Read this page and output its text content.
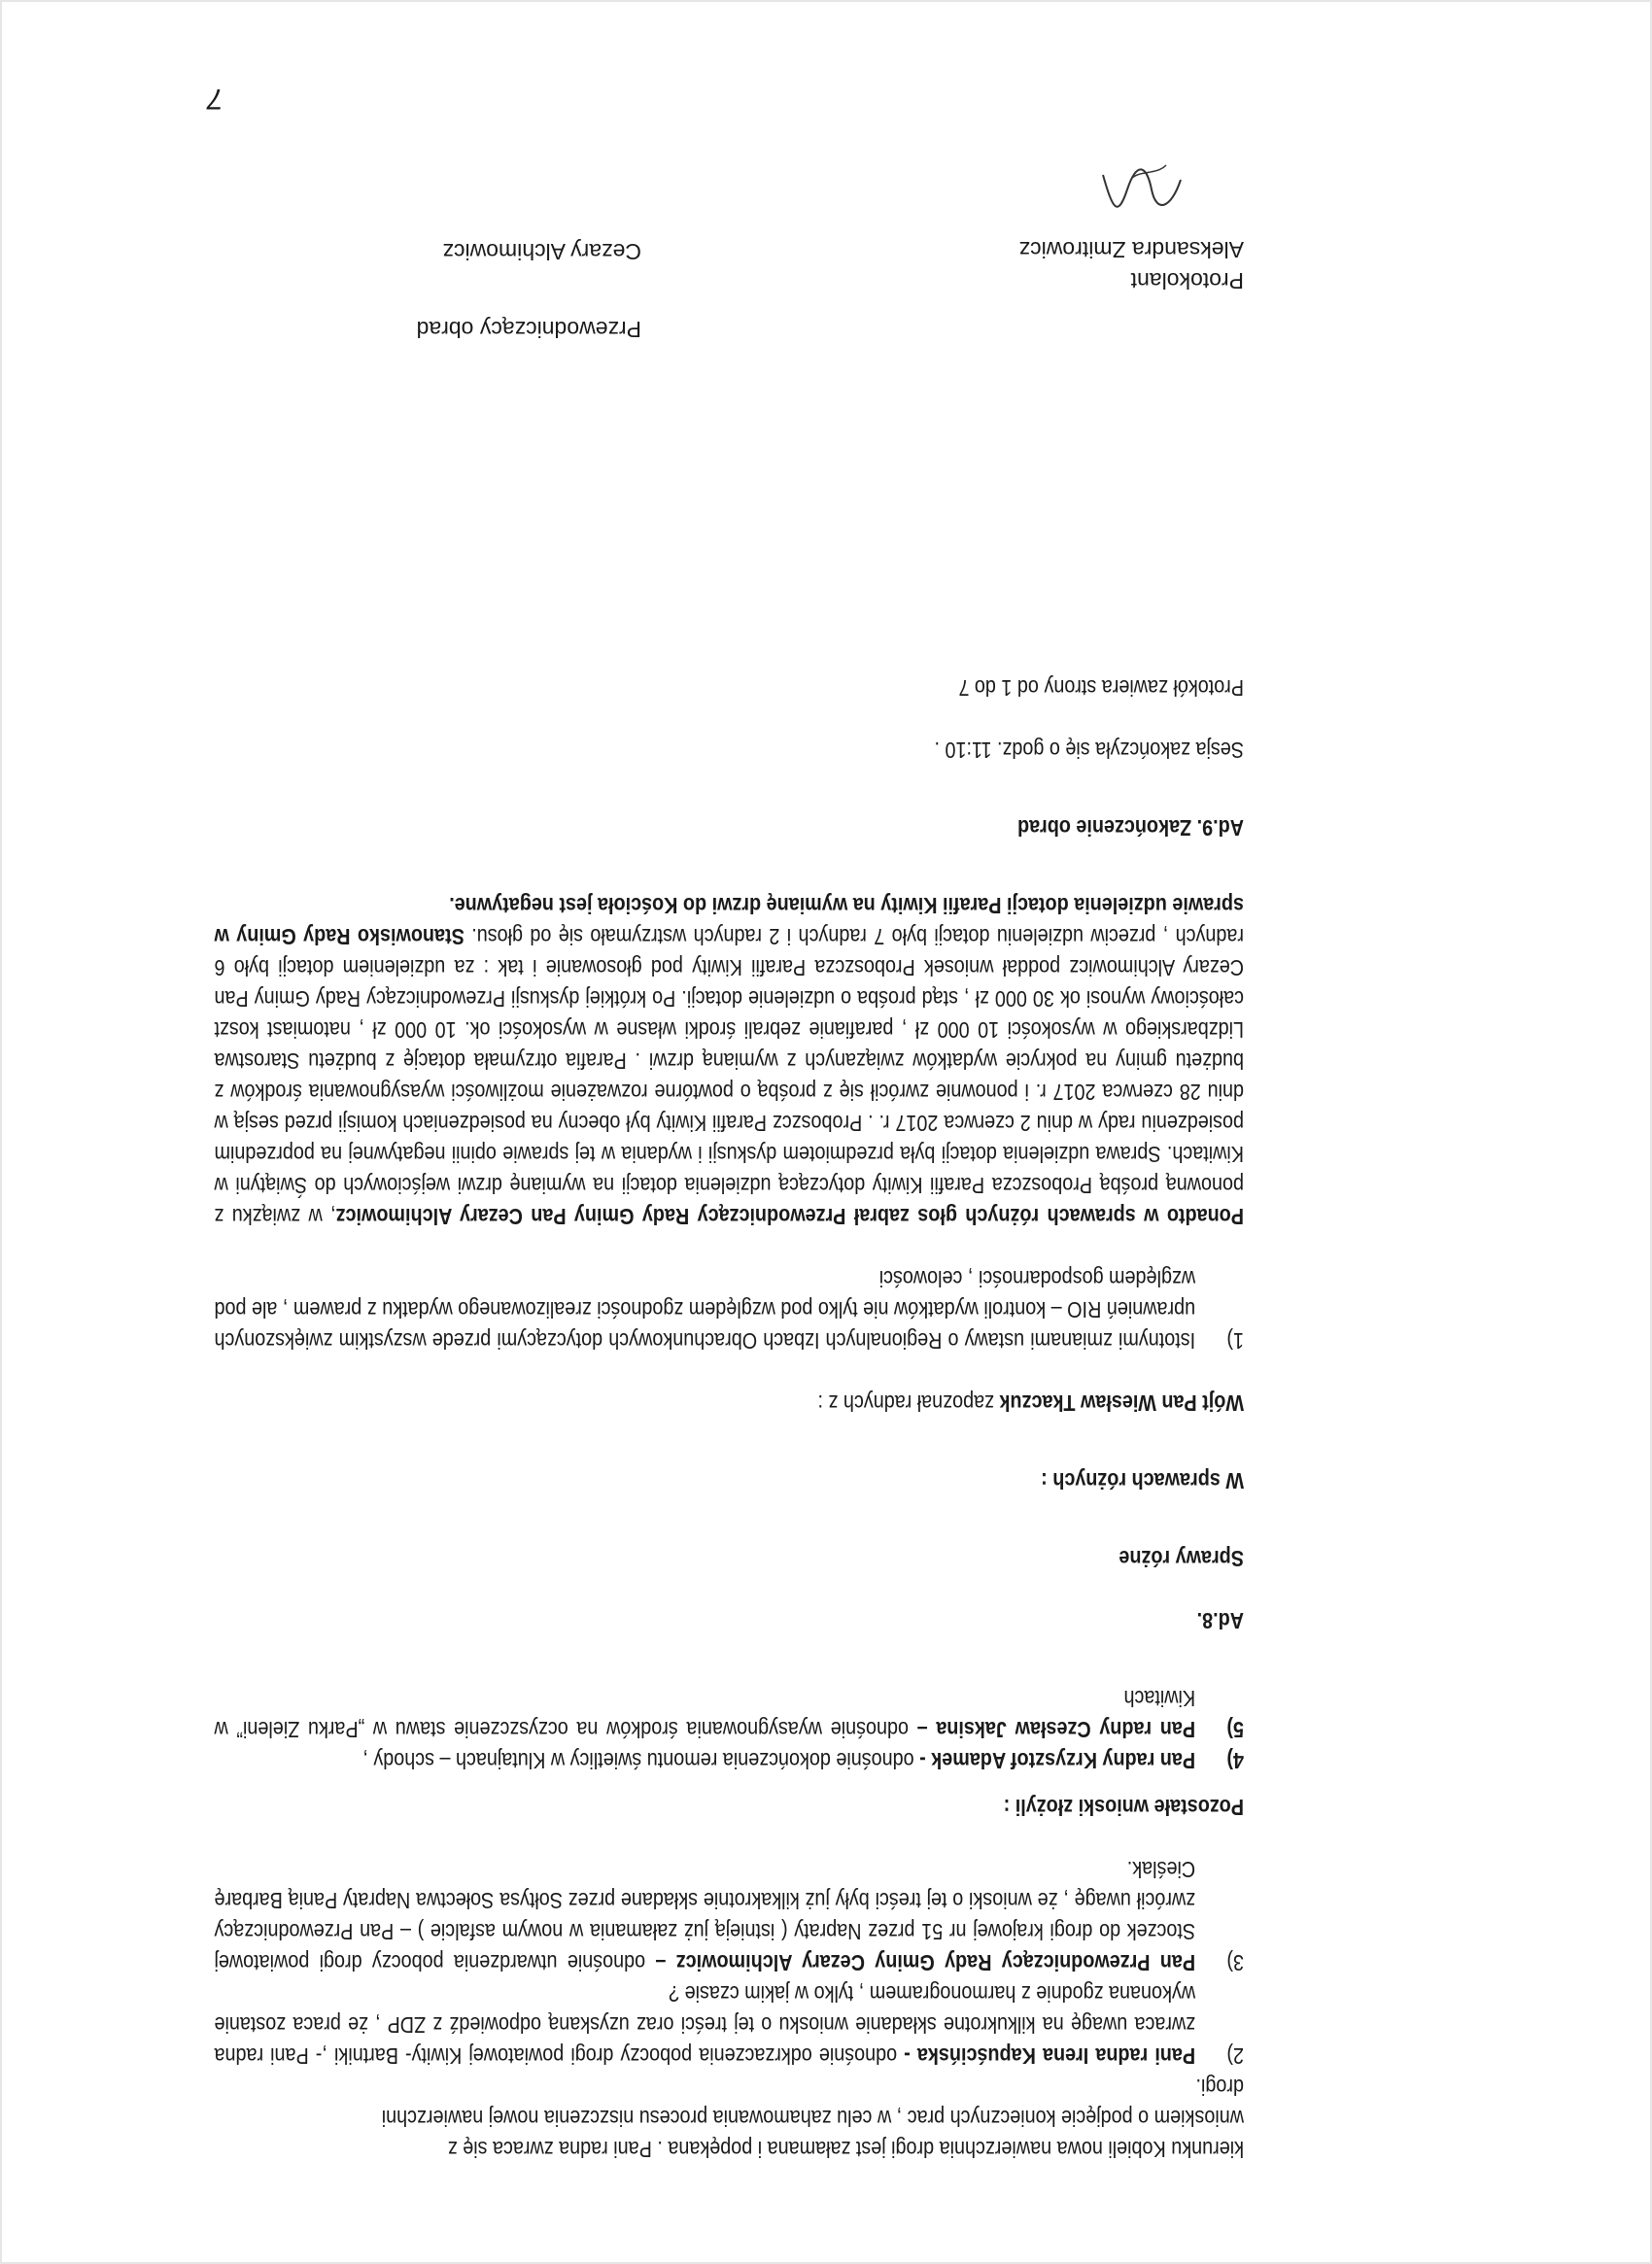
kierunku Kobieli nowa nawierzchnia drogi jest załamana i popękana . Pani radna zwraca się z

wnioskiem o podjęcie koniecznych prac , w celu zahamowania procesu niszczenia nowej nawierzchni

drogi.

2)
Pani radna Irena Kapuścińska - odnośnie odkrzaczenia poboczy drogi powiatowej Kiwity- Bartniki ,- Pani radna zwraca uwagę na kilkukrotne składanie wniosku o tej treści oraz uzyskaną odpowiedź z ZDP , że praca zostanie wykonana zgodnie z harmonogramem , tylko w jakim czasie ?
3)
Pan Przewodniczący Rady Gminy Cezary Alchimowicz – odnośnie utwardzenia poboczy drogi powiatowej Stoczek do drogi krajowej nr 51 przez Napraty ( istnieją już załamania w nowym asfalcie ) – Pan Przewodniczący zwrócił uwagę , że wnioski o tej treści były już kilkakrotnie składane przez Sołtysa Sołectwa Napraty Panią Barbarę Cieślak.

Pozostałe wnioski złożyli :

4)
Pan radny Krzysztof Adamek - odnośnie dokończenia remontu świetlicy w Klutajnach – schody ,
5)
Pan radny Czesław Jaksina – odnośnie wyasygnowania środków na oczyszczenie stawu w „Parku Zieleni” w Kiwitach

Ad.8.

Sprawy różne

W sprawach różnych :

Wójt Pan Wiesław Tkaczuk zapoznał radnych z :

1)
Istotnymi zmianami ustawy o Regionalnych Izbach Obrachunkowych dotyczącymi przede wszystkim zwiększonych uprawnień RIO – kontroli wydatków nie tylko pod względem zgodności zrealizowanego wydatku z prawem , ale pod względem gospodarności , celowości

Ponadto w sprawach różnych głos zabrał Przewodniczący Rady Gminy Pan Cezary Alchimowicz, w związku z ponowną prośbą Proboszcza Parafii Kiwity dotyczącą udzielenia dotacji na wymianę drzwi wejściowych do Świątyni w Kiwitach. Sprawa udzielenia dotacji była przedmiotem dyskusji i wydania w tej sprawie opinii negatywnej na poprzednim posiedzeniu rady w dniu 2 czerwca 2017 r. . Proboszcz Parafii Kiwity był obecny na posiedzeniach komisji przed sesją w dniu 28 czerwca 2017 r. i ponownie zwrócił się z prośbą o powtórne rozważenie możliwości wyasygnowania środków z budżetu gminy na pokrycie wydatków związanych z wymianą drzwi . Parafia otrzymała dotację z budżetu Starostwa Lidzbarskiego w wysokości 10 000 zł , parafianie zebrali środki własne w wysokości ok. 10 000 zł , natomiast koszt całościowy wynosi ok 30 000 zł , stąd prośba o udzielenie dotacji. Po krótkiej dyskusji Przewodniczący Rady Gminy Pan Cezary Alchimowicz poddał wniosek Proboszcza Parafii Kiwity pod głosowanie i tak : za udzieleniem dotacji było 6 radnych , przeciw udzieleniu dotacji było 7 radnych i 2 radnych wstrzymało się od głosu. Stanowisko Rady Gminy w sprawie udzielenia dotacji Parafii Kiwity na wymianę drzwi do Kościoła jest negatywne.

Ad.9. Zakończenie obrad

Sesja zakończyła się o godz. 11:10 .

Protokół zawiera strony od 1 do 7

Protokolant
Aleksandra Zmitrowicz
Przewodniczący obrad
Cezary Alchimowicz
7
